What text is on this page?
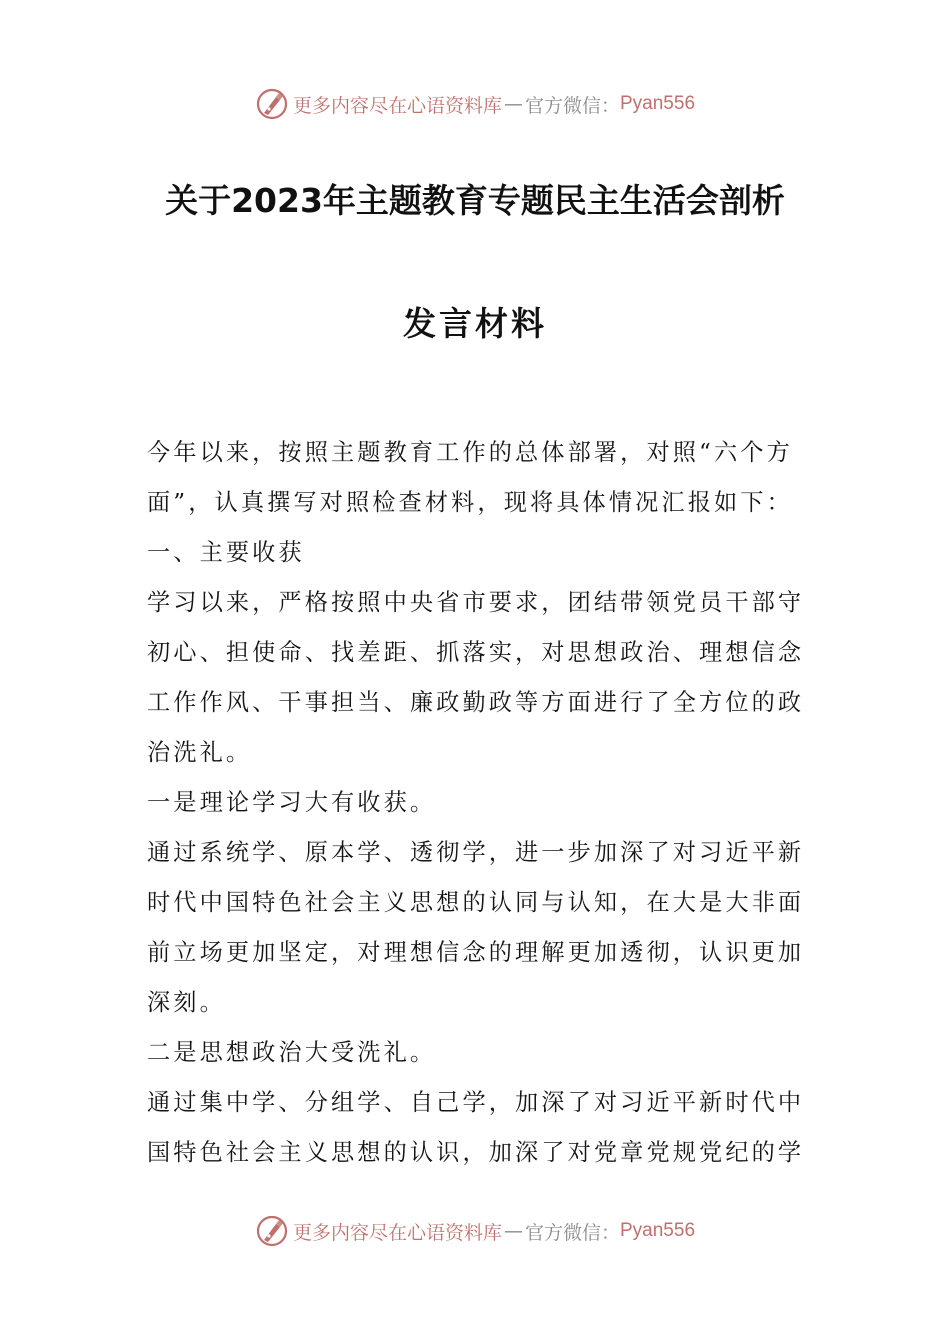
更多内容尽在心语资料库 — 官方微信： Pyan556
关于2023年主题教育专题民主生活会剖析
发言材料
今年以来，按照主题教育工作的总体部署，对照“六个方
面”，认真撰写对照检查材料，现将具体情况汇报如下：
一、主要收获
学习以来，严格按照中央省市要求，团结带领党员干部守
初心、担使命、找差距、抓落实，对思想政治、理想信念
工作作风、干事担当、廉政勤政等方面进行了全方位的政
治洗礼。
一是理论学习大有收获。
通过系统学、原本学、透彻学，进一步加深了对习近平新
时代中国特色社会主义思想的认同与认知，在大是大非面
前立场更加坚定，对理想信念的理解更加透彻，认识更加
深刻。
二是思想政治大受洗礼。
通过集中学、分组学、自己学，加深了对习近平新时代中
国特色社会主义思想的认识，加深了对党章党规党纪的学
更多内容尽在心语资料库 — 官方微信： Pyan556
